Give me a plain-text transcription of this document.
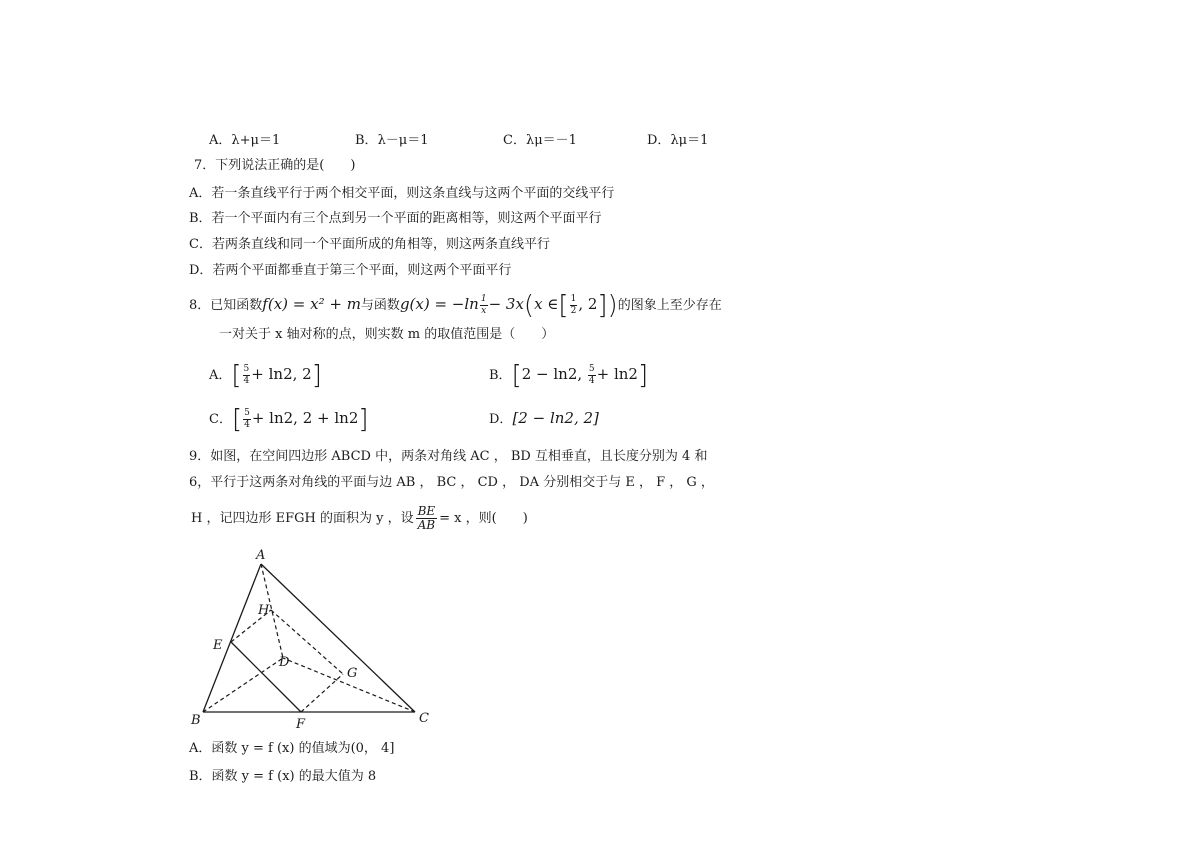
A．λ+μ＝1	B．λ－μ＝1	C．λμ＝－1	D．λμ＝1
7．下列说法正确的是(　　)
A．若一条直线平行于两个相交平面，则这条直线与这两个平面的交线平行
B．若一个平面内有三个点到另一个平面的距离相等，则这两个平面平行
C．若两条直线和同一个平面所成的角相等，则这两条直线平行
D．若两个平面都垂直于第三个平面，则这两个平面平行
8．已知函数f(x) = x² + m与函数$g(x) = -\ln \frac{1}{x} - 3x(x$ ∈[ $\frac{1}{2}$ , 2])的图象上至少存在
一对关于 x 轴对称的点，则实数 m 的取值范围是（　　）
A．[ $\frac{5}{4} + \ln 2$, 2]	B．[2 − ln2, $\frac{5}{4} + \ln 2$]
C．[ $\frac{5}{4} + \ln 2$, 2 + ln2]	D．[2 − ln2, 2]
9．如图，在空间四边形 ABCD 中，两条对角线 AC ， BD 互相垂直，且长度分别为 4 和
6，平行于这两条对角线的平面与边 AB ， BC ， CD ， DA 分别相交于与 E ， F ， G ，
H ，记四边形 EFGH 的面积为 y ，设 $\frac{BE}{AB} = x$ ，则(　　)
A
B	C
D
E
F
G
H
A．函数 y = f (x) 的值域为(0， 4]
B．函数 y = f (x) 的最大值为 8
